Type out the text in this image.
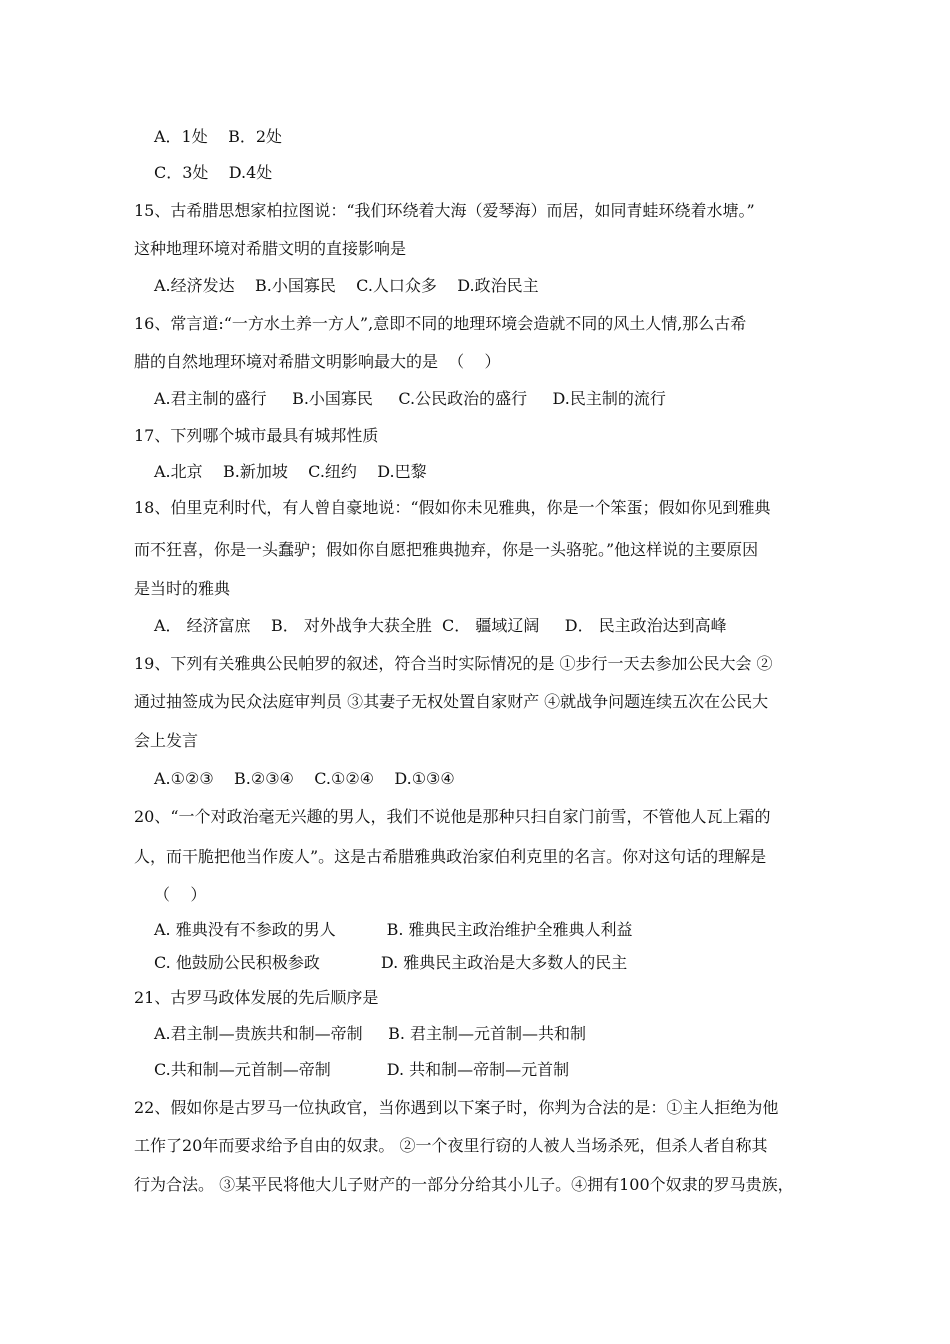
A．1处    B．2处
C．3处    D.4处
15、古希腊思想家柏拉图说：“我们环绕着大海（爱琴海）而居，如同青蛙环绕着水塘。”
这种地理环境对希腊文明的直接影响是
A.经济发达    B.小国寡民    C.人口众多    D.政治民主
16、常言道:“一方水土养一方人”,意即不同的地理环境会造就不同的风土人情,那么古希
腊的自然地理环境对希腊文明影响最大的是  （    ）
A.君主制的盛行     B.小国寡民     C.公民政治的盛行     D.民主制的流行
17、下列哪个城市最具有城邦性质
A.北京    B.新加坡    C.纽约    D.巴黎
18、伯里克利时代，有人曾自豪地说：“假如你未见雅典，你是一个笨蛋；假如你见到雅典
而不狂喜，你是一头蠢驴；假如你自愿把雅典抛弃，你是一头骆驼。”他这样说的主要原因
是当时的雅典
A． 经济富庶    B． 对外战争大获全胜  C． 疆域辽阔     D． 民主政治达到高峰
19、下列有关雅典公民帕罗的叙述，符合当时实际情况的是 ①步行一天去参加公民大会 ②
通过抽签成为民众法庭审判员 ③其妻子无权处置自家财产 ④就战争问题连续五次在公民大
会上发言
A.①②③    B.②③④    C.①②④    D.①③④
20、“一个对政治毫无兴趣的男人，我们不说他是那种只扫自家门前雪，不管他人瓦上霜的
人，而干脆把他当作废人”。这是古希腊雅典政治家伯利克里的名言。你对这句话的理解是
（    ）
A. 雅典没有不参政的男人          B. 雅典民主政治维护全雅典人利益
C. 他鼓励公民积极参政            D. 雅典民主政治是大多数人的民主
21、古罗马政体发展的先后顺序是
A.君主制—贵族共和制—帝制     B. 君主制—元首制—共和制
C.共和制—元首制—帝制           D. 共和制—帝制—元首制
22、假如你是古罗马一位执政官，当你遇到以下案子时，你判为合法的是：①主人拒绝为他
工作了20年而要求给予自由的奴隶。 ②一个夜里行窃的人被人当场杀死，但杀人者自称其
行为合法。 ③某平民将他大儿子财产的一部分分给其小儿子。④拥有100个奴隶的罗马贵族，
